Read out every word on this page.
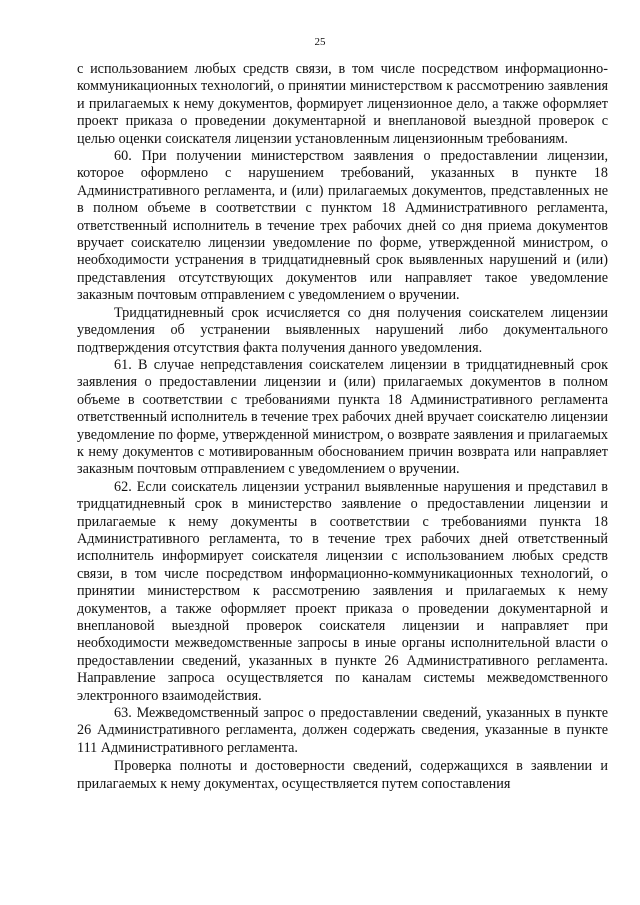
25

с использованием любых средств связи, в том числе посредством информационно-коммуникационных технологий, о принятии министерством к рассмотрению заявления и прилагаемых к нему документов, формирует лицензионное дело, а также оформляет проект приказа о проведении документарной и внеплановой выездной проверок с целью оценки соискателя лицензии установленным лицензионным требованиям.

60. При получении министерством заявления о предоставлении лицензии, которое оформлено с нарушением требований, указанных в пункте 18 Административного регламента, и (или) прилагаемых документов, представленных не в полном объеме в соответствии с пунктом 18 Административного регламента, ответственный исполнитель в течение трех рабочих дней со дня приема документов вручает соискателю лицензии уведомление по форме, утвержденной министром, о необходимости устранения в тридцатидневный срок выявленных нарушений и (или) представления отсутствующих документов или направляет такое уведомление заказным почтовым отправлением с уведомлением о вручении.

Тридцатидневный срок исчисляется со дня получения соискателем лицензии уведомления об устранении выявленных нарушений либо документального подтверждения отсутствия факта получения данного уведомления.

61. В случае непредставления соискателем лицензии в тридцатидневный срок заявления о предоставлении лицензии и (или) прилагаемых документов в полном объеме в соответствии с требованиями пункта 18 Административного регламента ответственный исполнитель в течение трех рабочих дней вручает соискателю лицензии уведомление по форме, утвержденной министром, о возврате заявления и прилагаемых к нему документов с мотивированным обоснованием причин возврата или направляет заказным почтовым отправлением с уведомлением о вручении.

62. Если соискатель лицензии устранил выявленные нарушения и представил в тридцатидневный срок в министерство заявление о предоставлении лицензии и прилагаемые к нему документы в соответствии с требованиями пункта 18 Административного регламента, то в течение трех рабочих дней ответственный исполнитель информирует соискателя лицензии с использованием любых средств связи, в том числе посредством информационно-коммуникационных технологий, о принятии министерством к рассмотрению заявления и прилагаемых к нему документов, а также оформляет проект приказа о проведении документарной и внеплановой выездной проверок соискателя лицензии и направляет при необходимости межведомственные запросы в иные органы исполнительной власти о предоставлении сведений, указанных в пункте 26 Административного регламента. Направление запроса осуществляется по каналам системы межведомственного электронного взаимодействия.

63. Межведомственный запрос о предоставлении сведений, указанных в пункте 26 Административного регламента, должен содержать сведения, указанные в пункте 111 Административного регламента.

Проверка полноты и достоверности сведений, содержащихся в заявлении и прилагаемых к нему документах, осуществляется путем сопоставления
